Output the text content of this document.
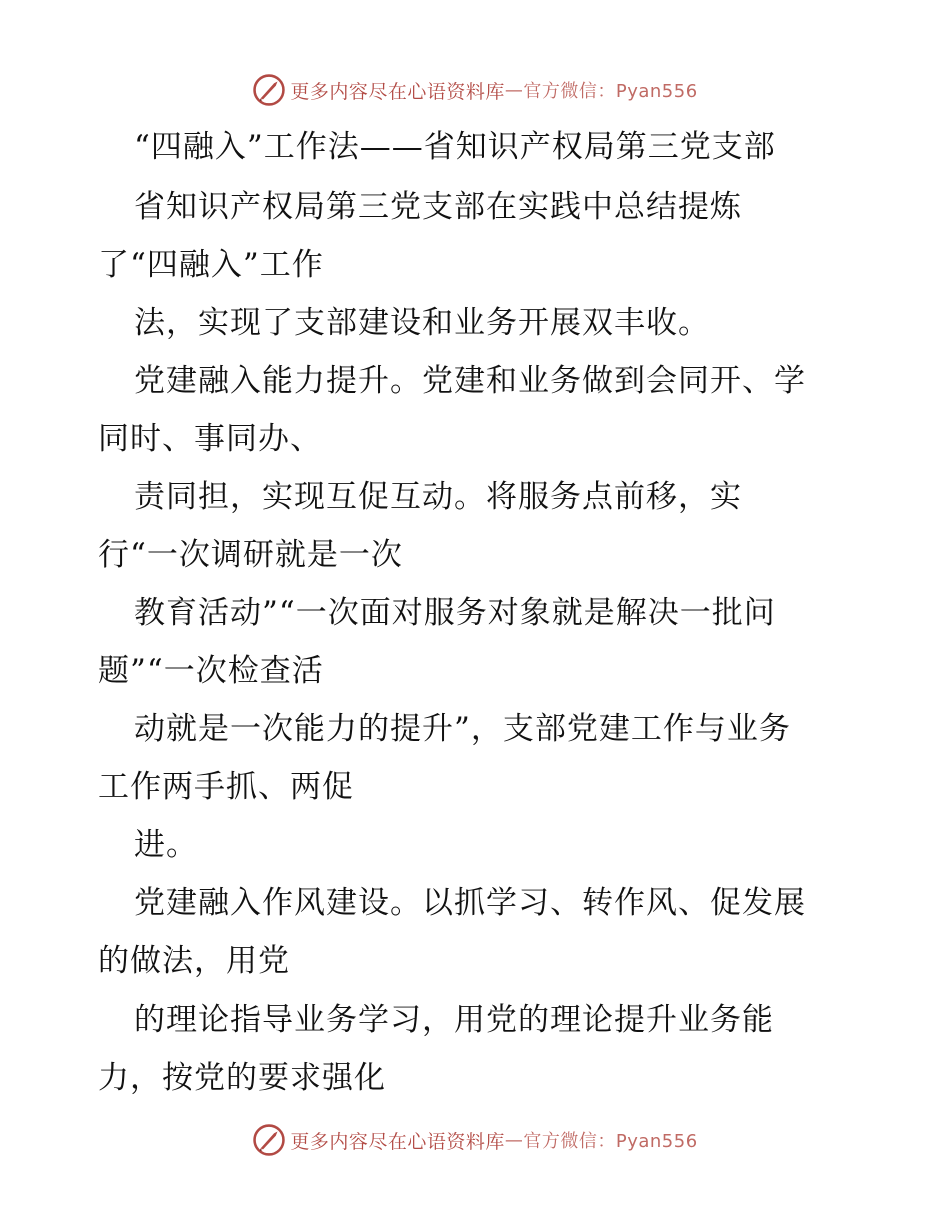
更多内容尽在心语资料库 — 官方微信：Pyan556
“四融入”工作法——省知识产权局第三党支部
省知识产权局第三党支部在实践中总结提炼
了“四融入”工作
法，实现了支部建设和业务开展双丰收。
党建融入能力提升。党建和业务做到会同开、学
同时、事同办、
责同担，实现互促互动。将服务点前移，实
行“一次调研就是一次
教育活动”“一次面对服务对象就是解决一批问
题”“一次检查活
动就是一次能力的提升”，支部党建工作与业务
工作两手抓、两促
进。
党建融入作风建设。以抓学习、转作风、促发展
的做法，用党
的理论指导业务学习，用党的理论提升业务能
力，按党的要求强化
更多内容尽在心语资料库 — 官方微信：Pyan556
